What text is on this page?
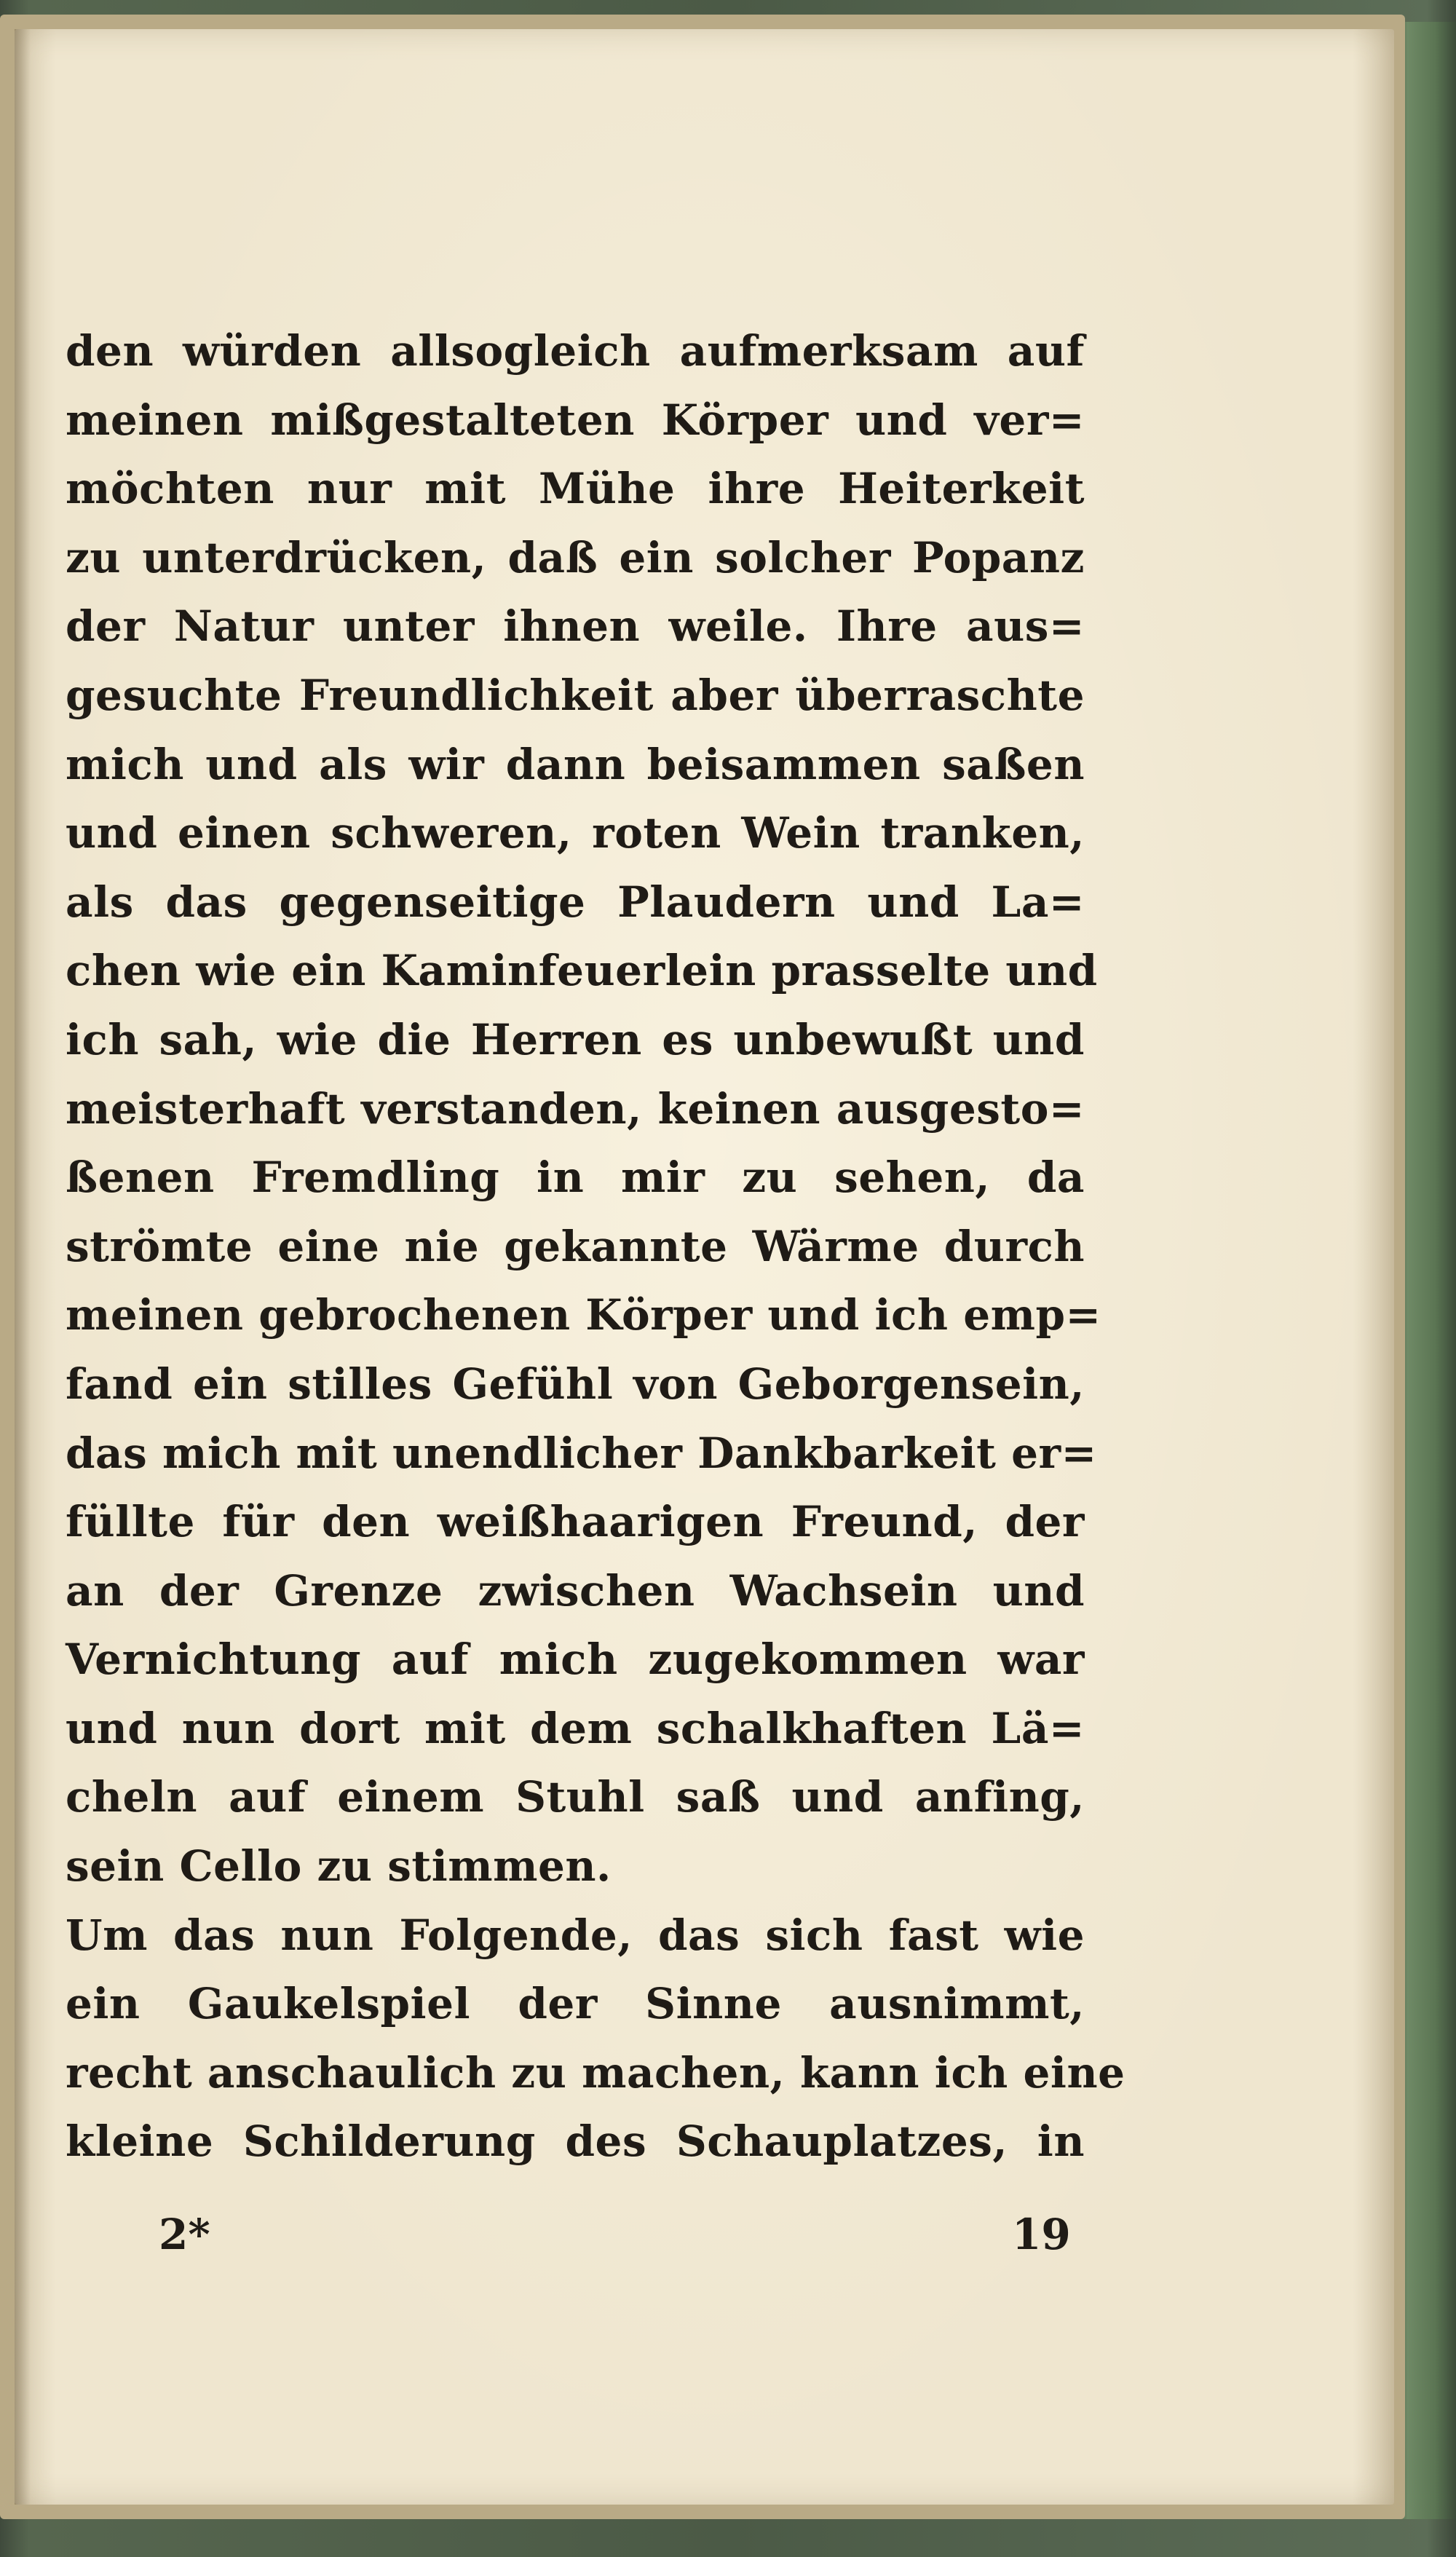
den würden allsogleich aufmerksam auf
meinen mißgestalteten Körper und ver=
möchten nur mit Mühe ihre Heiterkeit
zu unterdrücken, daß ein solcher Popanz
der Natur unter ihnen weile. Ihre aus=
gesuchte Freundlichkeit aber überraschte
mich und als wir dann beisammen saßen
und einen schweren, roten Wein tranken,
als das gegenseitige Plaudern und La=
chen wie ein Kaminfeuerlein prasselte und
ich sah, wie die Herren es unbewußt und
meisterhaft verstanden, keinen ausgesto=
ßenen Fremdling in mir zu sehen, da
strömte eine nie gekannte Wärme durch
meinen gebrochenen Körper und ich emp=
fand ein stilles Gefühl von Geborgensein,
das mich mit unendlicher Dankbarkeit er=
füllte für den weißhaarigen Freund, der
an der Grenze zwischen Wachsein und
Vernichtung auf mich zugekommen war
und nun dort mit dem schalkhaften Lä=
cheln auf einem Stuhl saß und anfing,
sein Cello zu stimmen.
Um das nun Folgende, das sich fast wie
ein Gaukelspiel der Sinne ausnimmt,
recht anschaulich zu machen, kann ich eine
kleine Schilderung des Schauplatzes, in
2*	19
